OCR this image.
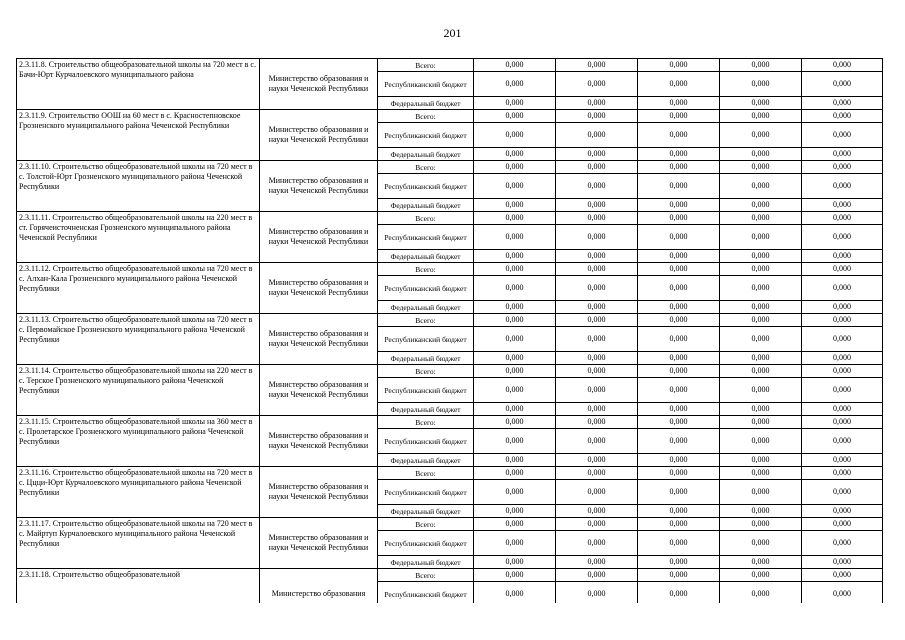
201
2.3.11.8. Строительство общеобразовательной школы на 720 мест в с. Бачи-Юрт Курчалоевского муниципального района	Министерство образования и науки Чеченской Республики	Всего:	0,000	0,000	0,000	0,000	0,000
		Республиканский бюджет	0,000	0,000	0,000	0,000	0,000
		Федеральный бюджет	0,000	0,000	0,000	0,000	0,000
2.3.11.9. Строительство ООШ на 60 мест в с. Красностепновское Грозненского муниципального района Чеченской Республики	Министерство образования и науки Чеченской Республики	Всего:	0,000	0,000	0,000	0,000	0,000
		Республиканский бюджет	0,000	0,000	0,000	0,000	0,000
		Федеральный бюджет	0,000	0,000	0,000	0,000	0,000
2.3.11.10. Строительство общеобразовательной школы на 720 мест в с. Толстой-Юрт Грозненского муниципального района Чеченской Республики	Министерство образования и науки Чеченской Республики	Всего:	0,000	0,000	0,000	0,000	0,000
		Республиканский бюджет	0,000	0,000	0,000	0,000	0,000
		Федеральный бюджет	0,000	0,000	0,000	0,000	0,000
2.3.11.11. Строительство общеобразовательной школы на 220 мест в ст. Горячеисточненская Грозненского муниципального района Чеченской Республики	Министерство образования и науки Чеченской Республики	Всего:	0,000	0,000	0,000	0,000	0,000
		Республиканский бюджет	0,000	0,000	0,000	0,000	0,000
		Федеральный бюджет	0,000	0,000	0,000	0,000	0,000
2.3.11.12. Строительство общеобразовательной школы на 720 мест в с. Алхан-Кала Грозненского муниципального района Чеченской Республики	Министерство образования и науки Чеченской Республики	Всего:	0,000	0,000	0,000	0,000	0,000
		Республиканский бюджет	0,000	0,000	0,000	0,000	0,000
		Федеральный бюджет	0,000	0,000	0,000	0,000	0,000
2.3.11.13. Строительство общеобразовательной школы на 720 мест в с. Первомайское Грозненского муниципального района Чеченской Республики	Министерство образования и науки Чеченской Республики	Всего:	0,000	0,000	0,000	0,000	0,000
		Республиканский бюджет	0,000	0,000	0,000	0,000	0,000
		Федеральный бюджет	0,000	0,000	0,000	0,000	0,000
2.3.11.14. Строительство общеобразовательной школы на 220 мест в с. Терское Грозненского муниципального района Чеченской Республики	Министерство образования и науки Чеченской Республики	Всего:	0,000	0,000	0,000	0,000	0,000
		Республиканский бюджет	0,000	0,000	0,000	0,000	0,000
		Федеральный бюджет	0,000	0,000	0,000	0,000	0,000
2.3.11.15. Строительство общеобразовательной школы на 360 мест в с. Пролетарское Грозненского муниципального района Чеченской Республики	Министерство образования и науки Чеченской Республики	Всего:	0,000	0,000	0,000	0,000	0,000
		Республиканский бюджет	0,000	0,000	0,000	0,000	0,000
		Федеральный бюджет	0,000	0,000	0,000	0,000	0,000
2.3.11.16. Строительство общеобразовательной школы на 720 мест в с. Ццци-Юрт Курчалоевского муниципального района Чеченской Республики	Министерство образования и науки Чеченской Республики	Всего:	0,000	0,000	0,000	0,000	0,000
		Республиканский бюджет	0,000	0,000	0,000	0,000	0,000
		Федеральный бюджет	0,000	0,000	0,000	0,000	0,000
2.3.11.17. Строительство общеобразовательной школы на 720 мест в с. Майртуп Курчалоевского муниципального района Чеченской Республики	Министерство образования и науки Чеченской Республики	Всего:	0,000	0,000	0,000	0,000	0,000
		Республиканский бюджет	0,000	0,000	0,000	0,000	0,000
		Федеральный бюджет	0,000	0,000	0,000	0,000	0,000
2.3.11.18. Строительство общеобразовательной	Министерство образования	Всего:	0,000	0,000	0,000	0,000	0,000
		Республиканский бюджет	0,000	0,000	0,000	0,000	0,000
